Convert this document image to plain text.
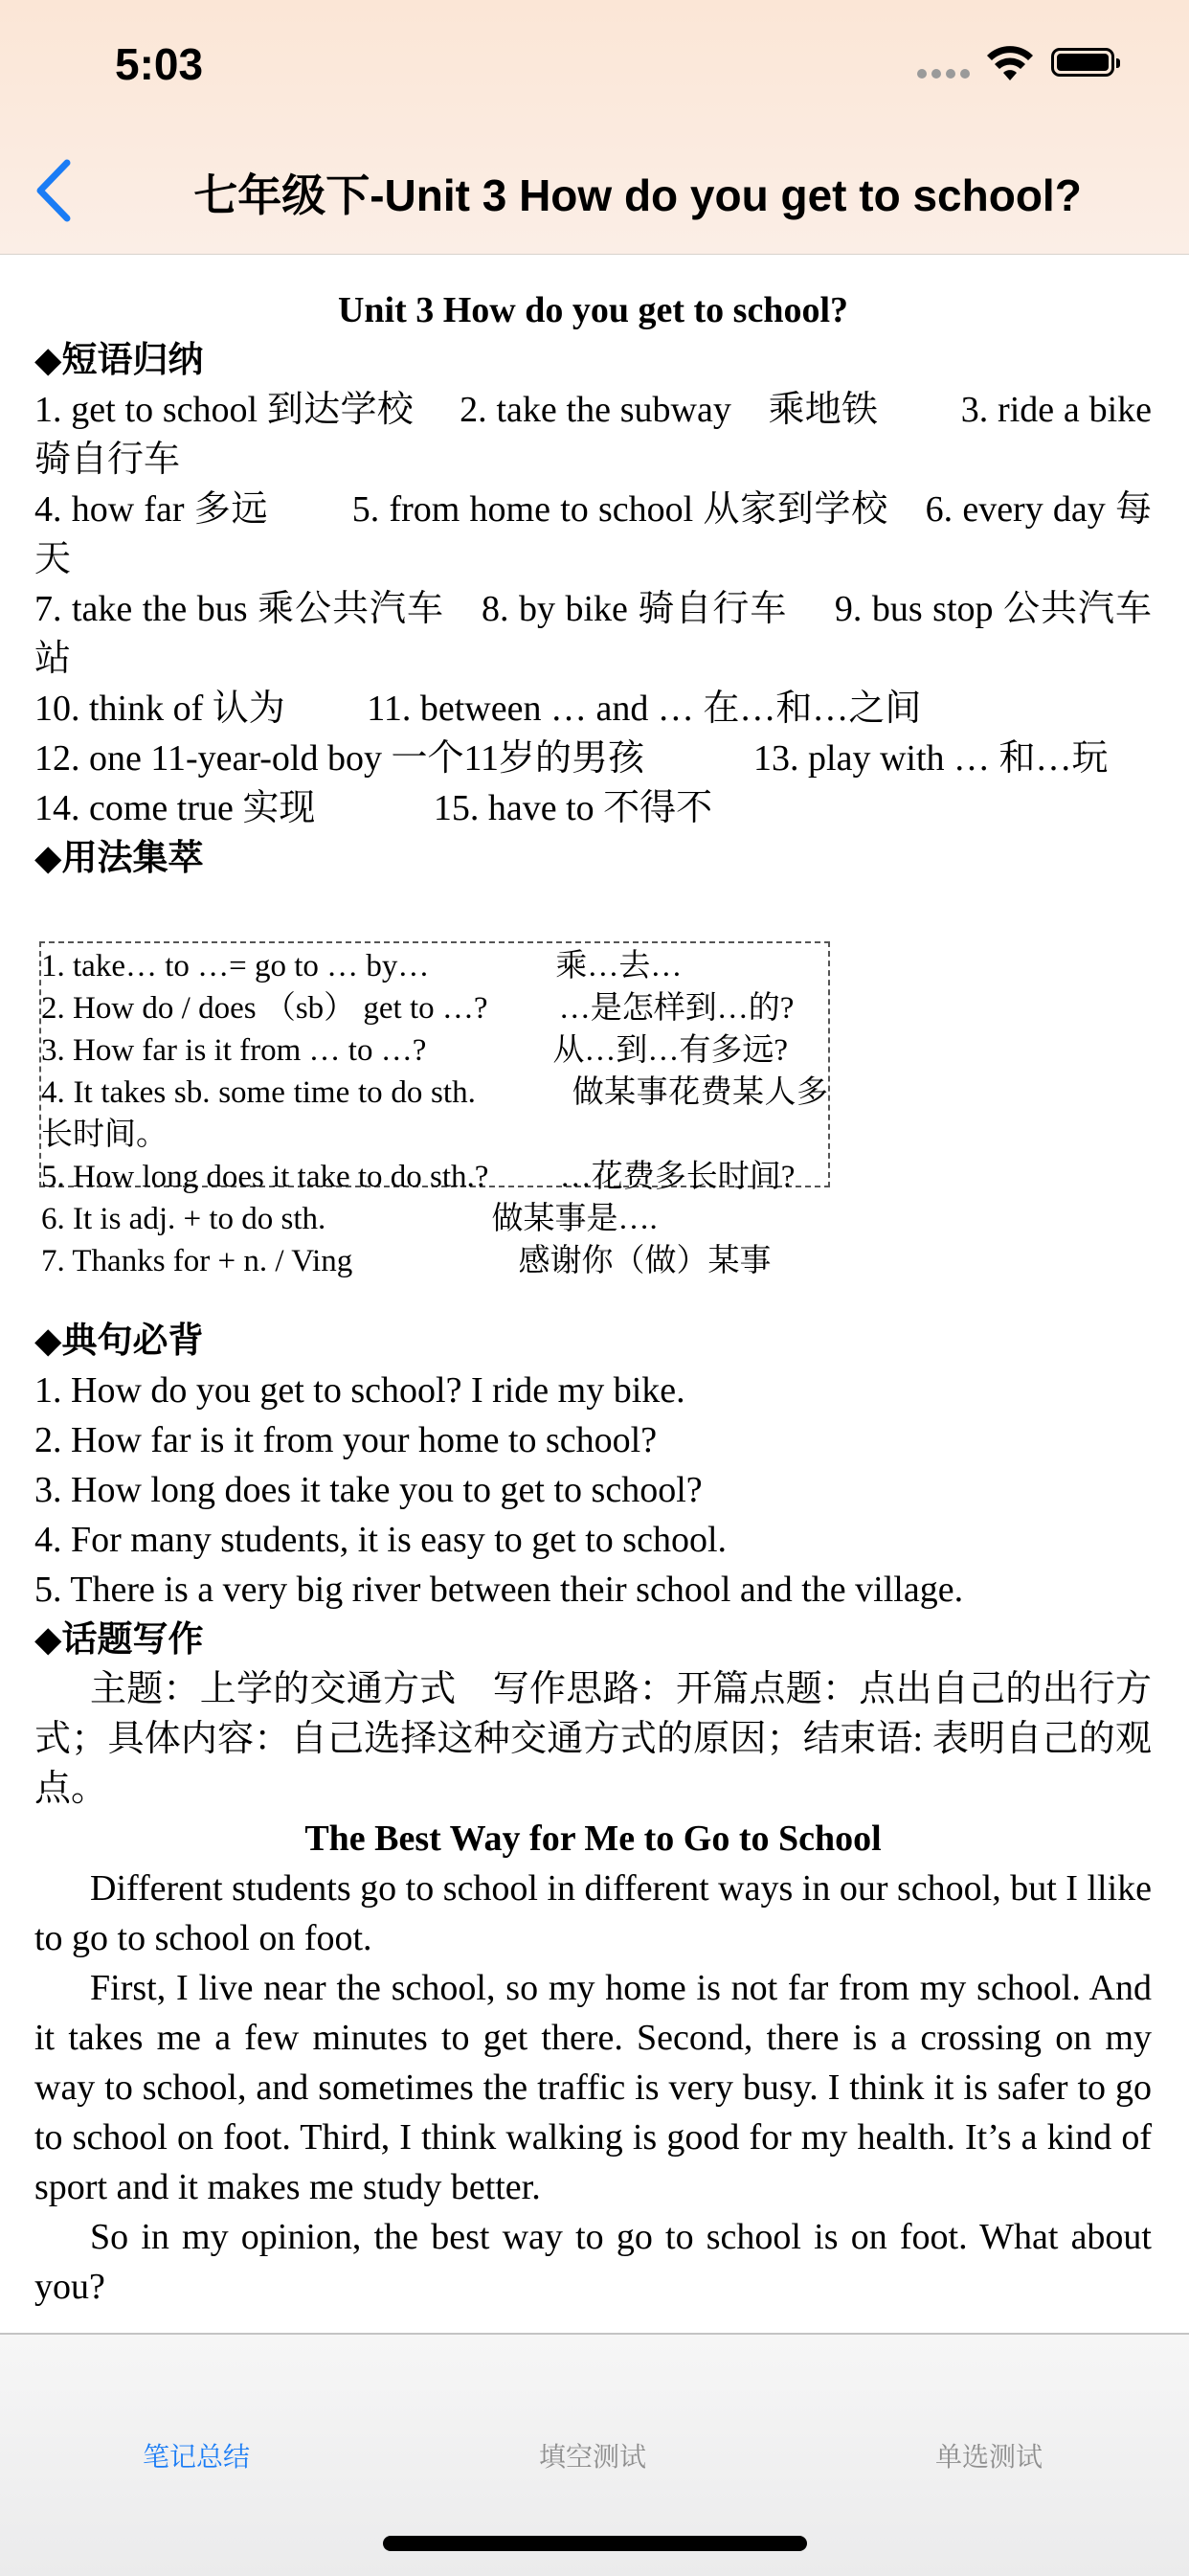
5:03
七年级下-Unit 3 How do you get to school?

Unit 3 How do you get to school?

◆短语归纳

1. get to school 到达学校　 2. take the subway　乘地铁　　 3. ride a bike 骑自行车

4. how far 多远　　 5. from home to school 从家到学校　6. every day 每天

7. take the bus 乘公共汽车　8. by bike 骑自行车　 9. bus stop 公共汽车站

10. think of 认为　　 11. between … and … 在…和…之间

12. one 11-year-old boy 一个11岁的男孩　　　13. play with … 和…玩

14. come true 实现　　　 15. have to 不得不

◆用法集萃

1. take… to …= go to … by…　　　　乘…去…

2. How do / does （sb） get to …?　　 …是怎样到…的?

3. How far is it from … to …?　　　　从…到…有多远?

4. It takes sb. some time to do sth.　　　做某事花费某人多长时间。

5. How long does it take to do sth.?　　 …花费多长时间?

6. It is adj. + to do sth.　　　　　 做某事是….

7. Thanks for + n. / Ving　　　　　 感谢你（做）某事

◆典句必背

1. How do you get to school? I ride my bike.

2. How far is it from your home to school?

3. How long does it take you to get to school?

4. For many students, it is easy to get to school.

5. There is a very big river between their school and the village.

◆话题写作

主题：上学的交通方式　写作思路：开篇点题：点出自己的出行方式；具体内容：自己选择这种交通方式的原因；结束语: 表明自己的观点。

The Best Way for Me to Go to School

Different students go to school in different ways in our school, but I llike to go to school on foot.

First, I live near the school, so my home is not far from my school. And it takes me a few minutes to get there. Second, there is a crossing on my way to school, and sometimes the traffic is very busy. I think it is safer to go to school on foot. Third, I think walking is good for my health. It’s a kind of sport and it makes me study better.

So in my opinion, the best way to go to school is on foot. What about you?

笔记总结	填空测试	单选测试
